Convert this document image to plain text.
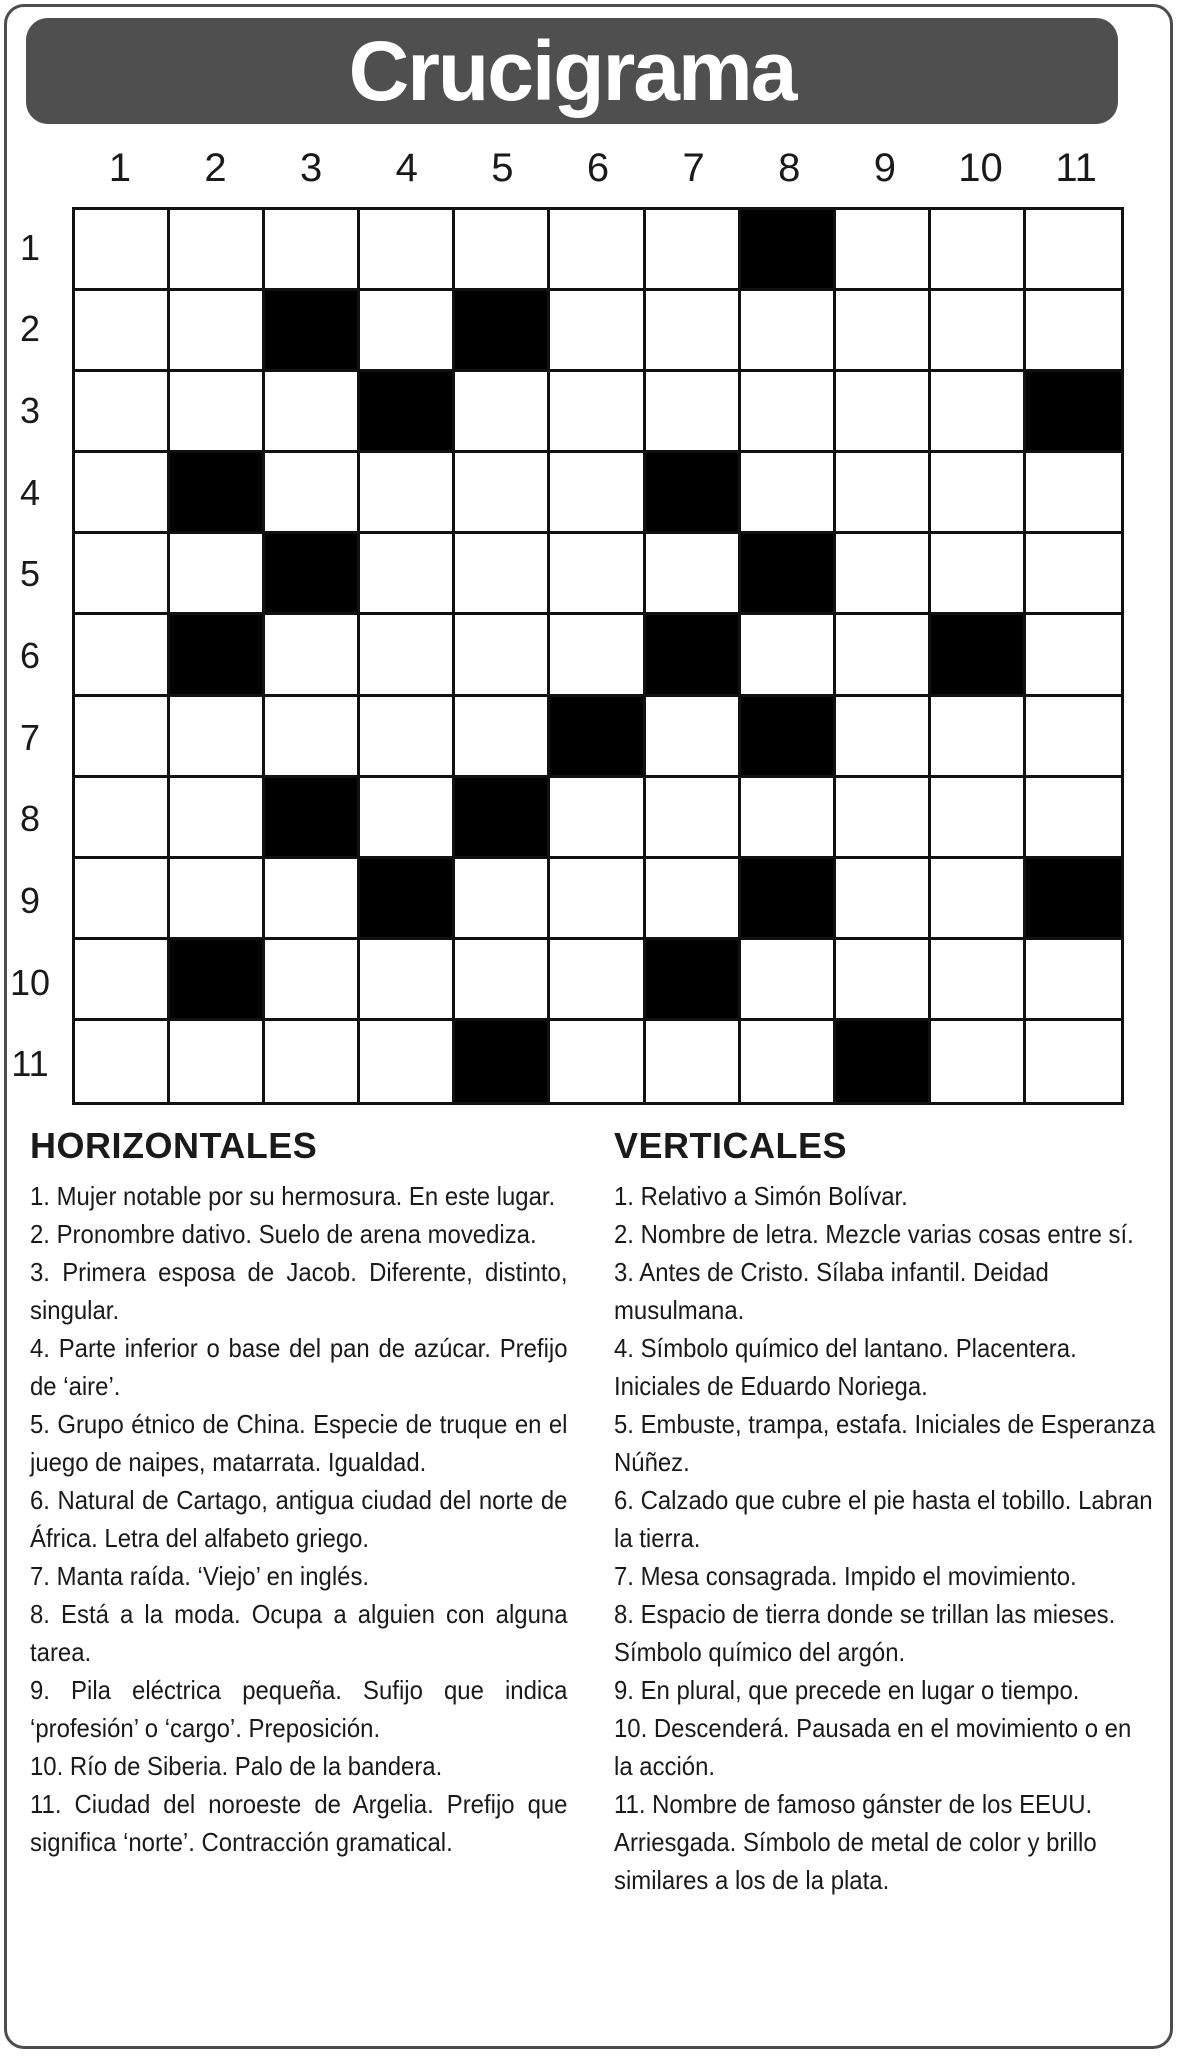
Crucigrama
1	2	3	4	5	6	7	8	9	10	11
1
2
3
4
5
6
7
8
9
10
11
HORIZONTALES
1. Mujer notable por su hermosura. En este lugar.
2. Pronombre dativo. Suelo de arena movediza.
3. Primera esposa de Jacob. Diferente, distinto, singular.
4. Parte inferior o base del pan de azúcar. Prefijo de ‘aire’.
5. Grupo étnico de China. Especie de truque en el juego de naipes, matarrata. Igualdad.
6. Natural de Cartago, antigua ciudad del norte de África. Letra del alfabeto griego.
7. Manta raída. ‘Viejo’ en inglés.
8. Está a la moda. Ocupa a alguien con alguna tarea.
9. Pila eléctrica pequeña. Sufijo que indica ‘profesión’ o ‘cargo’. Preposición.
10. Río de Siberia. Palo de la bandera.
11. Ciudad del noroeste de Argelia. Prefijo que significa ‘norte’. Contracción gramatical.
VERTICALES
1. Relativo a Simón Bolívar.
2. Nombre de letra. Mezcle varias cosas entre sí.
3. Antes de Cristo. Sílaba infantil. Deidad musulmana.
4. Símbolo químico del lantano. Placentera. Iniciales de Eduardo Noriega.
5. Embuste, trampa, estafa. Iniciales de Esperanza Núñez.
6. Calzado que cubre el pie hasta el tobillo. Labran la tierra.
7. Mesa consagrada. Impido el movimiento.
8. Espacio de tierra donde se trillan las mieses. Símbolo químico del argón.
9. En plural, que precede en lugar o tiempo.
10. Descenderá. Pausada en el movimiento o en la acción.
11. Nombre de famoso gánster de los EEUU. Arriesgada. Símbolo de metal de color y brillo similares a los de la plata.
